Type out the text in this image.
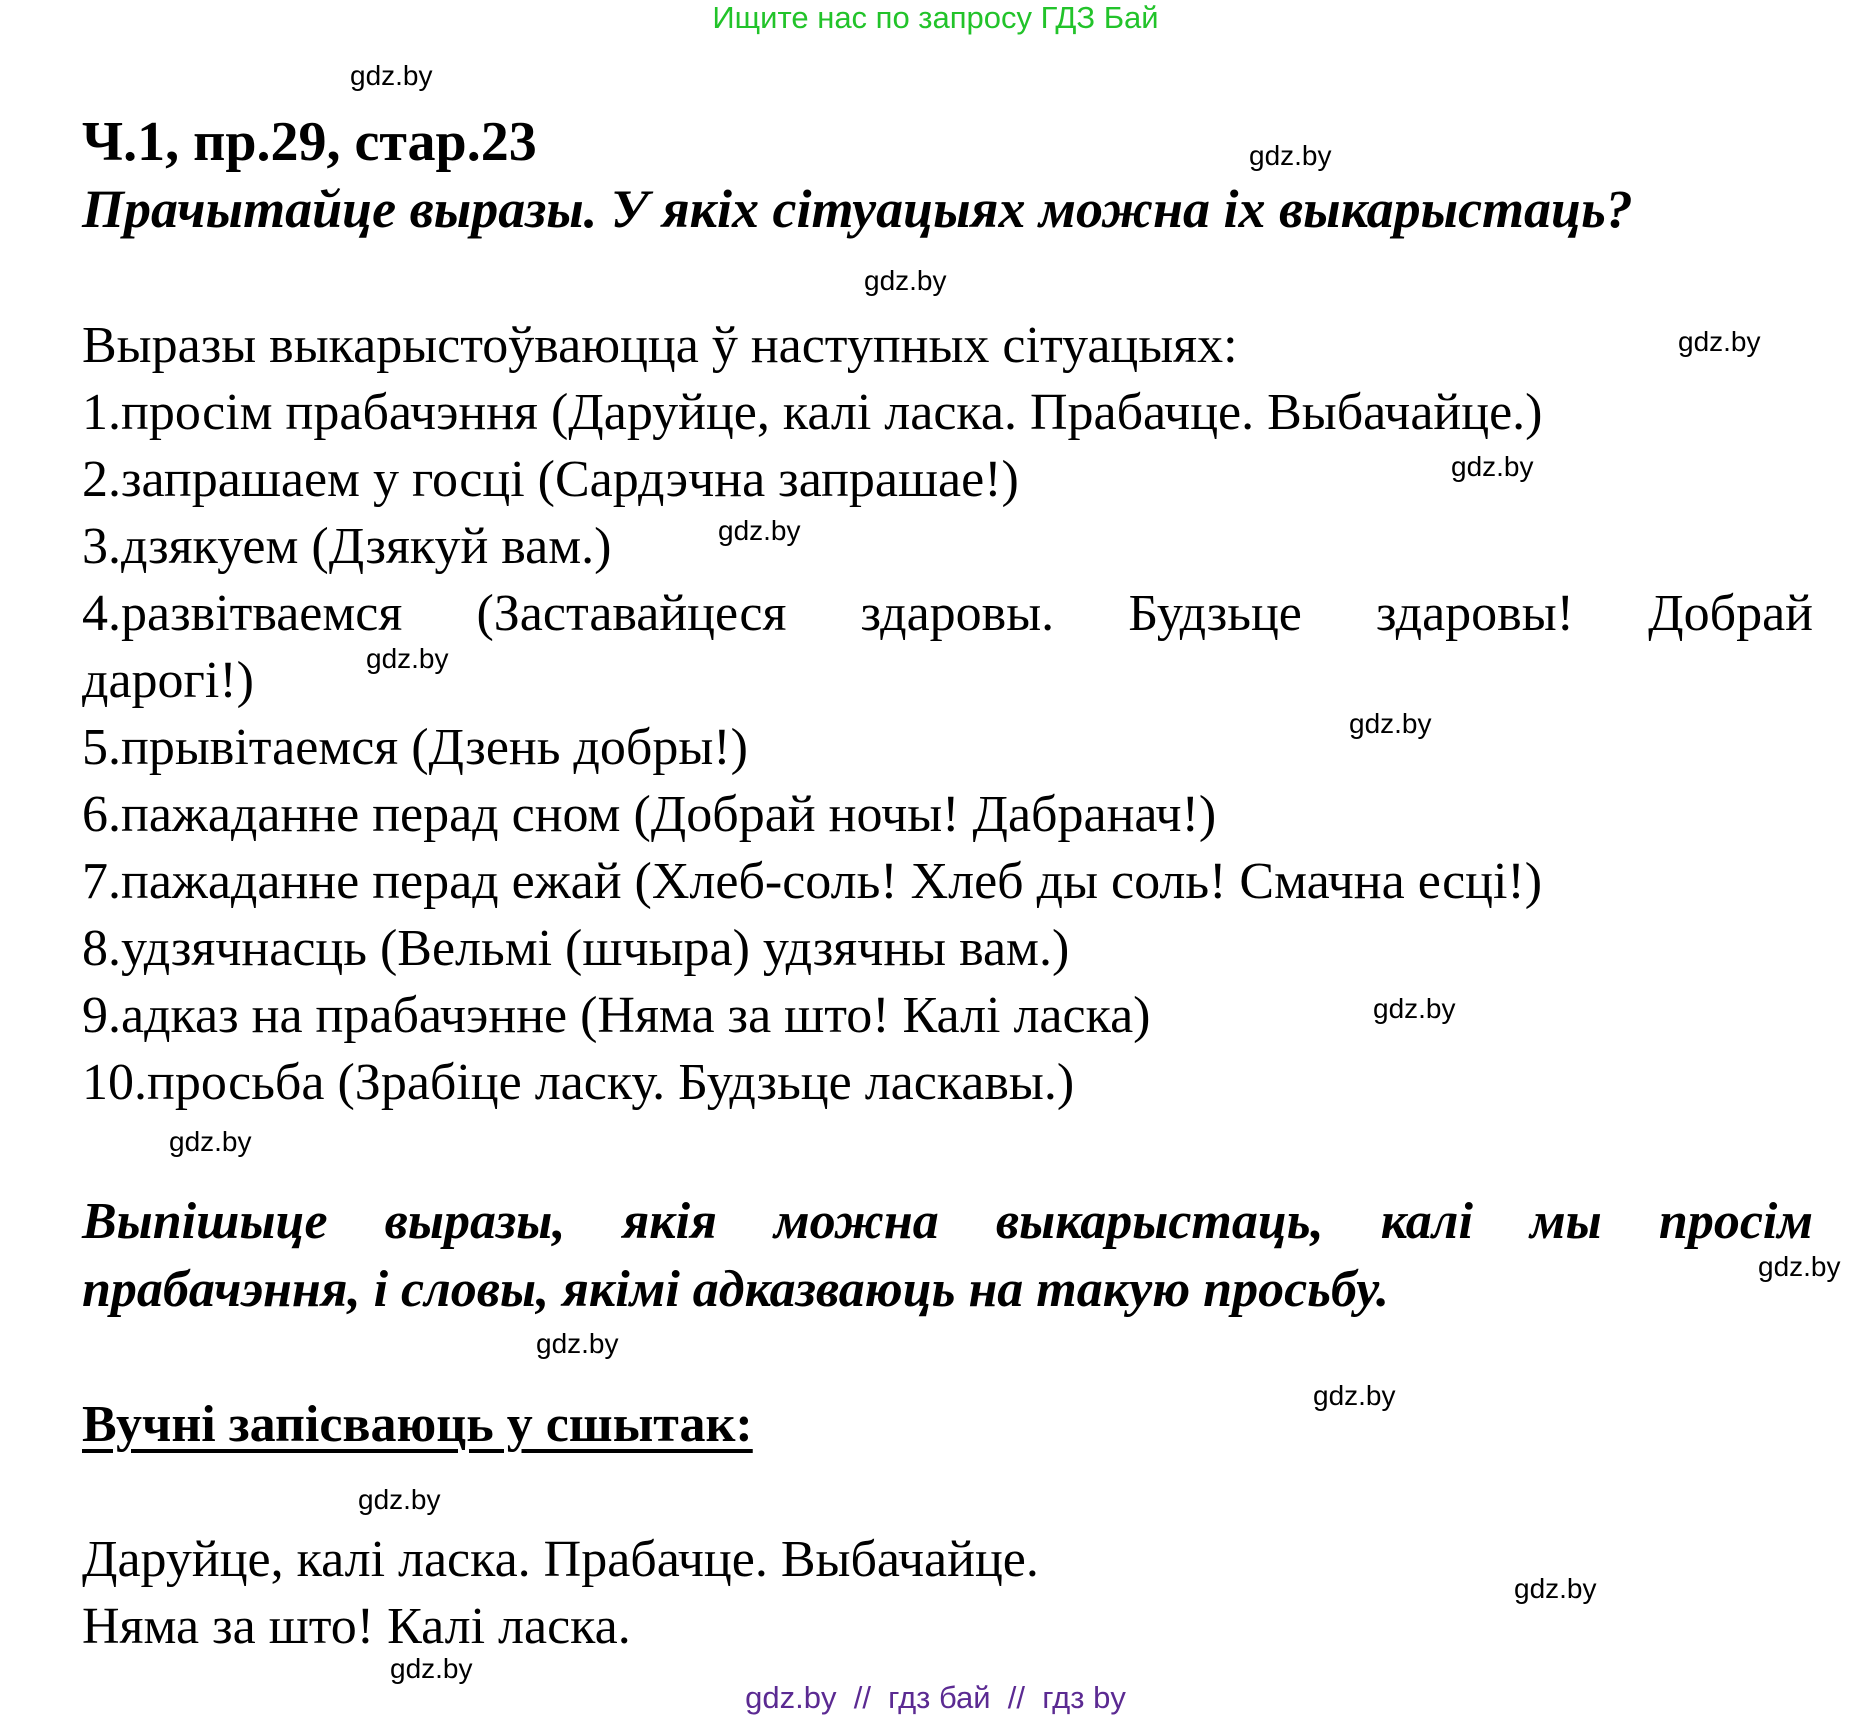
Ищите нас по запросу ГДЗ Бай
Ч.1, пр.29, стар.23
Прачытайце выразы. У якіх сітуацыях можна іх выкарыстаць?
Выразы выкарыстоўваюцца ў наступных сітуацыях:
1.просім прабачэння (Даруйце, калі ласка. Прабачце. Выбачайце.)
2.запрашаем у госці (Сардэчна запрашае!)
3.дзякуем (Дзякуй вам.)
4.развітваемся (Заставайцеся здаровы. Будзьце здаровы! Добрай
дарогі!)
5.прывітаемся (Дзень добры!)
6.пажаданне перад сном (Добрай ночы! Дабранач!)
7.пажаданне перад ежай (Хлеб-соль! Хлеб ды соль! Смачна есці!)
8.удзячнасць (Вельмі (шчыра) удзячны вам.)
9.адказ на прабачэнне (Няма за што! Калі ласка)
10.просьба (Зрабіце ласку. Будзьце ласкавы.)
Выпішыце выразы, якія можна выкарыстаць, калі мы просім
прабачэння, і словы, якімі адказваюць на такую просьбу.
Вучні запісваюць у сшытак:
Даруйце, калі ласка. Прабачце. Выбачайце.
Няма за што! Калі ласка.
gdz.by
gdz.by
gdz.by
gdz.by
gdz.by
gdz.by
gdz.by
gdz.by
gdz.by
gdz.by
gdz.by
gdz.by
gdz.by
gdz.by
gdz.by
gdz.by
gdz.by  //  гдз бай  //  гдз by
